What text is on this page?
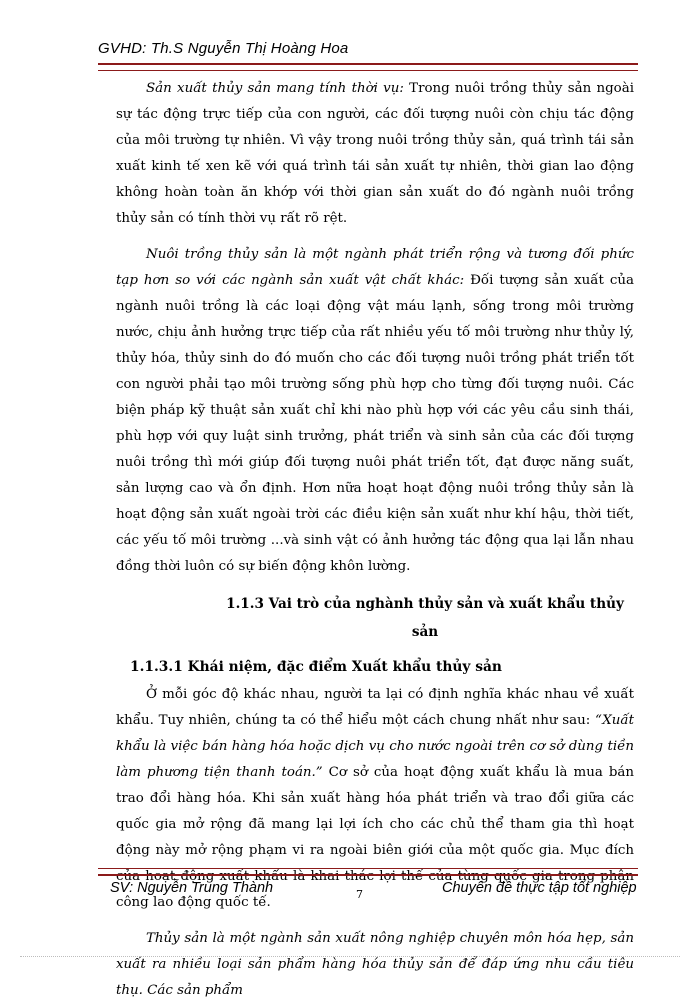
GVHD: Th.S Nguyễn Thị Hoàng Hoa

Sản xuất thủy sản mang tính thời vụ: Trong nuôi trồng thủy sản ngoài sự tác động trực tiếp của con người, các đối tượng nuôi còn chịu tác động của môi trường tự nhiên. Vì vậy trong nuôi trồng thủy sản, quá trình tái sản xuất kinh tế xen kẽ với quá trình tái sản xuất tự nhiên, thời gian lao động không hoàn toàn ăn khớp với thời gian sản xuất do đó ngành nuôi trồng thủy sản có tính thời vụ rất rõ rệt.

Nuôi trồng thủy sản là một ngành phát triển rộng và tương đối phức tạp hơn so với các ngành sản xuất vật chất khác: Đối tượng sản xuất của ngành nuôi trồng là các loại động vật máu lạnh, sống trong môi trường nước, chịu ảnh hưởng trực tiếp của rất nhiều yếu tố môi trường như thủy lý, thủy hóa, thủy sinh do đó muốn cho các đối tượng nuôi trồng phát triển tốt con người phải tạo môi trường sống phù hợp cho từng đối tượng nuôi. Các biện pháp kỹ thuật sản xuất chỉ khi nào phù hợp với các yêu cầu sinh thái, phù hợp với quy luật sinh trưởng, phát triển và sinh sản của các đối tượng nuôi trồng thì mới giúp đối tượng nuôi phát triển tốt, đạt được năng suất, sản lượng cao và ổn định. Hơn nữa hoạt hoạt động nuôi trồng thủy sản là hoạt động sản xuất ngoài trời các điều kiện sản xuất như khí hậu, thời tiết, các yếu tố môi trường ...và sinh vật có ảnh hưởng tác động qua lại lẫn nhau đồng thời luôn có sự biến động khôn lường.

1.1.3 Vai trò của nghành thủy sản và xuất khẩu thủy sản
1.1.3.1 Khái niệm, đặc điểm Xuất khẩu thủy sản

Ở mỗi góc độ khác nhau, người ta lại có định nghĩa khác nhau về xuất khẩu. Tuy nhiên, chúng ta có thể hiểu một cách chung nhất như sau: “Xuất khẩu là việc bán hàng hóa hoặc dịch vụ cho nước ngoài trên cơ sở dùng tiền làm phương tiện thanh toán.” Cơ sở của hoạt động xuất khẩu là mua bán trao đổi hàng hóa. Khi sản xuất hàng hóa phát triển và trao đổi giữa các quốc gia mở rộng đã mang lại lợi ích cho các chủ thể tham gia thì hoạt động này mở rộng phạm vi ra ngoài biên giới của một quốc gia. Mục đích của hoạt động xuất khẩu là khai thác lợi thế của từng quốc gia trong phân công lao động quốc tế.

Thủy sản là một ngành sản xuất nông nghiệp chuyên môn hóa hẹp, sản xuất ra nhiều loại sản phẩm hàng hóa thủy sản để đáp ứng nhu cầu tiêu thụ. Các sản phẩm

SV: Nguyễn Trung Thành	7	Chuyên đề thực tập tốt nghiệp
